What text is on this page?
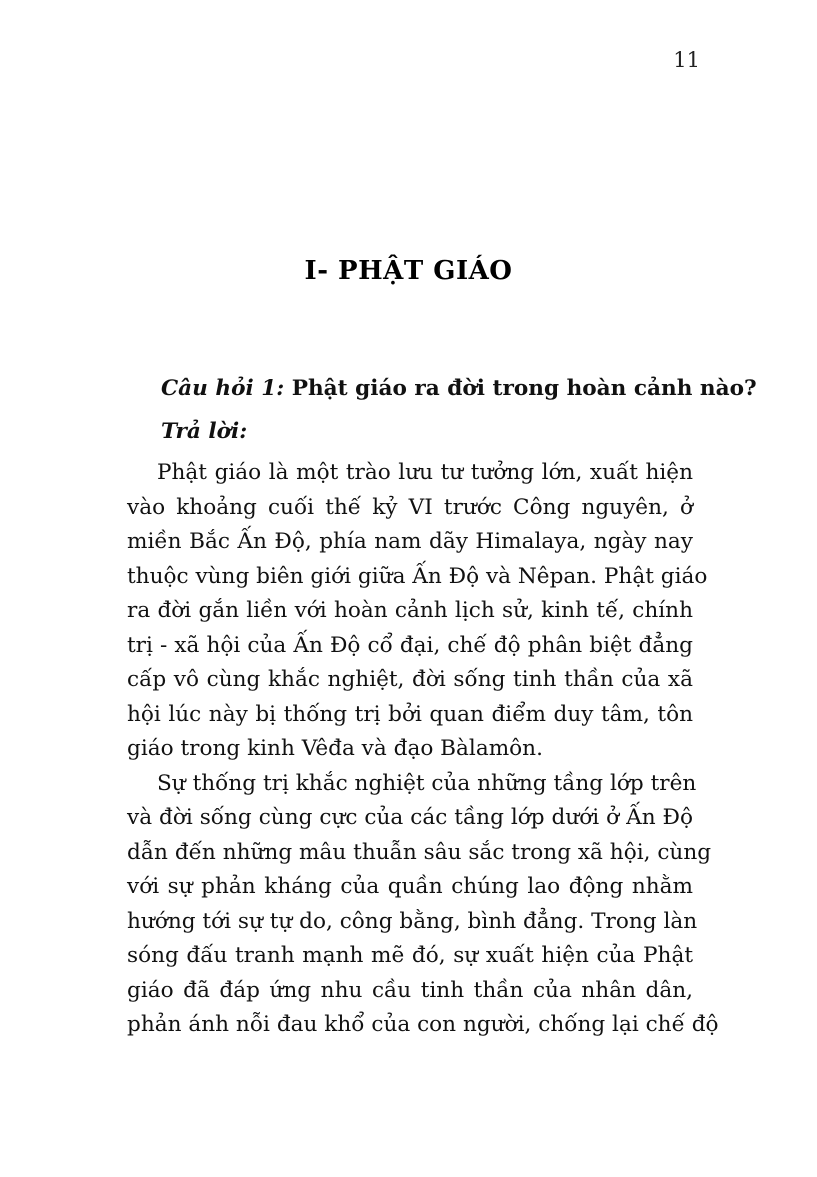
11
I- PHẬT GIÁO

Câu hỏi 1: Phật giáo ra đời trong hoàn cảnh nào?

Trả lời:

Phật giáo là một trào lưu tư tưởng lớn, xuất hiện
vào khoảng cuối thế kỷ VI trước Công nguyên, ở
miền Bắc Ấn Độ, phía nam dãy Himalaya, ngày nay
thuộc vùng biên giới giữa Ấn Độ và Nêpan. Phật giáo
ra đời gắn liền với hoàn cảnh lịch sử, kinh tế, chính
trị - xã hội của Ấn Độ cổ đại, chế độ phân biệt đẳng
cấp vô cùng khắc nghiệt, đời sống tinh thần của xã
hội lúc này bị thống trị bởi quan điểm duy tâm, tôn
giáo trong kinh Vêđa và đạo Bàlamôn.
Sự thống trị khắc nghiệt của những tầng lớp trên
và đời sống cùng cực của các tầng lớp dưới ở Ấn Độ
dẫn đến những mâu thuẫn sâu sắc trong xã hội, cùng
với sự phản kháng của quần chúng lao động nhằm
hướng tới sự tự do, công bằng, bình đẳng. Trong làn
sóng đấu tranh mạnh mẽ đó, sự xuất hiện của Phật
giáo đã đáp ứng nhu cầu tinh thần của nhân dân,
phản ánh nỗi đau khổ của con người, chống lại chế độ
